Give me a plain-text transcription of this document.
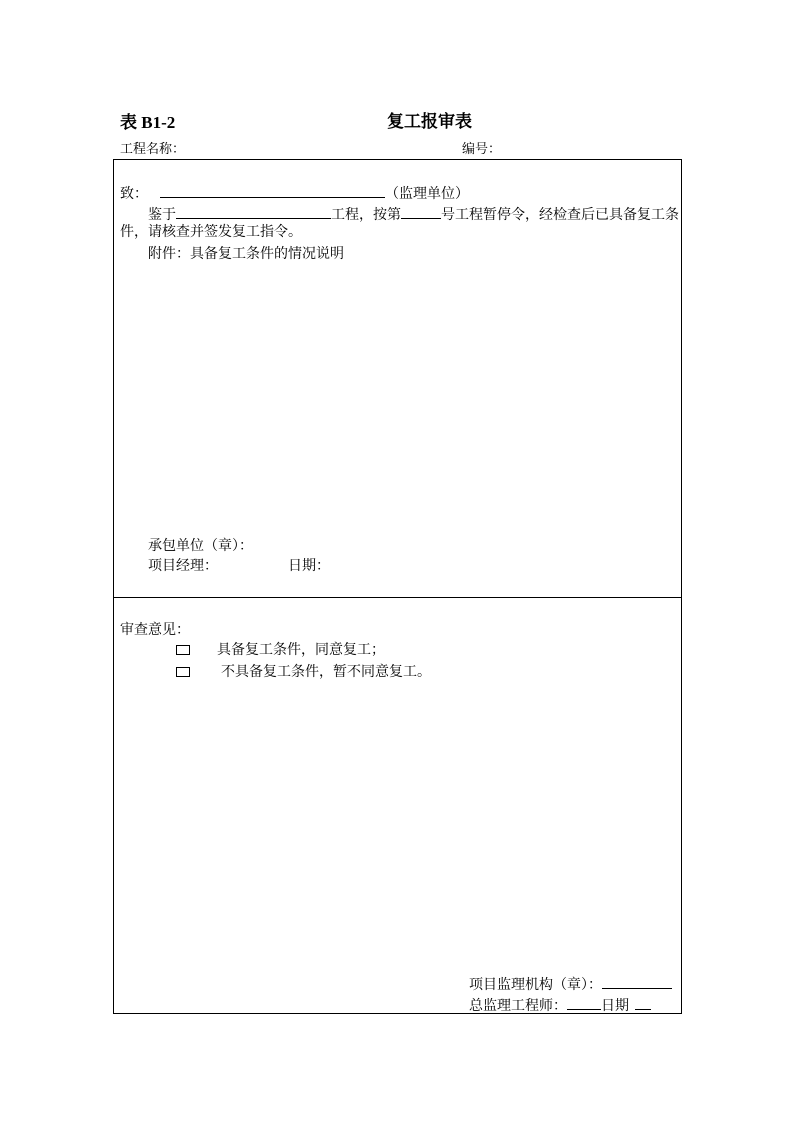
表 B1-2	复工报审表
工程名称：	编号：
致：	（监理单位）
鉴于	工程，按第	号工程暂停令，经检查后已具备复工条
件，请核查并签发复工指令。
附件：具备复工条件的情况说明
承包单位（章）：
项目经理：	日期：
审查意见：
具备复工条件，同意复工；
不具备复工条件，暂不同意复工。
项目监理机构（章）：
总监理工程师： 日期
